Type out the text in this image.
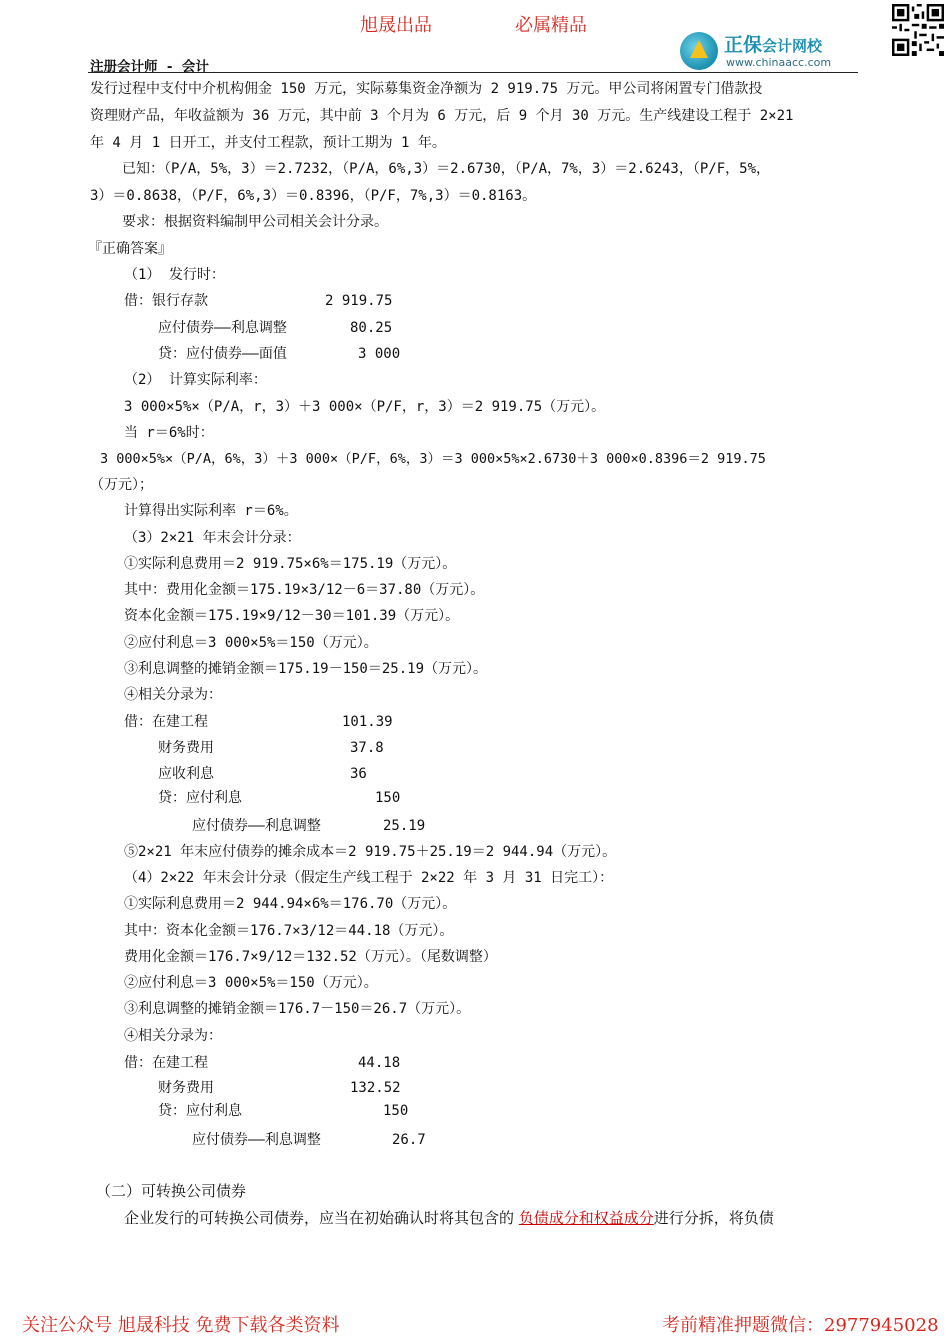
旭晟出品	必属精品
注册会计师 - 会计
正保会计网校
www.chinaacc.com
发行过程中支付中介机构佣金 150 万元，实际募集资金净额为 2 919.75 万元。甲公司将闲置专门借款投
资理财产品，年收益额为 36 万元，其中前 3 个月为 6 万元，后 9 个月 30 万元。生产线建设工程于 2×21
年 4 月 1 日开工，并支付工程款，预计工期为 1 年。
已知：（P/A，5%，3）＝2.7232，（P/A，6%,3）＝2.6730，（P/A，7%，3）＝2.6243，（P/F，5%，
3）＝0.8638，（P/F，6%,3）＝0.8396，（P/F，7%,3）＝0.8163。
要求：根据资料编制甲公司相关会计分录。
『正确答案』
（1） 发行时：
借：银行存款	2 919.75
应付债券——利息调整	80.25
贷：应付债券——面值	3 000
（2） 计算实际利率：
3 000×5%×（P/A，r，3）＋3 000×（P/F，r，3）＝2 919.75（万元）。
当 r＝6%时：
3 000×5%×（P/A，6%，3）＋3 000×（P/F，6%，3）＝3 000×5%×2.6730＋3 000×0.8396＝2 919.75
（万元）；
计算得出实际利率 r＝6%。
（3）2×21 年末会计分录：
①实际利息费用＝2 919.75×6%＝175.19（万元）。
其中：费用化金额＝175.19×3/12－6＝37.80（万元）。
资本化金额＝175.19×9/12－30＝101.39（万元）。
②应付利息＝3 000×5%＝150（万元）。
③利息调整的摊销金额＝175.19－150＝25.19（万元）。
④相关分录为：
借：在建工程	101.39
财务费用	37.8
应收利息	36
贷：应付利息	150
应付债券——利息调整	25.19
⑤2×21 年末应付债券的摊余成本＝2 919.75＋25.19＝2 944.94（万元）。
（4）2×22 年末会计分录（假定生产线工程于 2×22 年 3 月 31 日完工）：
①实际利息费用＝2 944.94×6%＝176.70（万元）。
其中：资本化金额＝176.7×3/12＝44.18（万元）。
费用化金额＝176.7×9/12＝132.52（万元）。（尾数调整）
②应付利息＝3 000×5%＝150（万元）。
③利息调整的摊销金额＝176.7－150＝26.7（万元）。
④相关分录为：
借：在建工程	44.18
财务费用	132.52
贷：应付利息	150
应付债券——利息调整	26.7
（二）可转换公司债券
企业发行的可转换公司债券，应当在初始确认时将其包含的 负债成分和权益成分进行分拆，将负债
关注公众号 旭晟科技 免费下载各类资料	考前精准押题微信：2977945028
